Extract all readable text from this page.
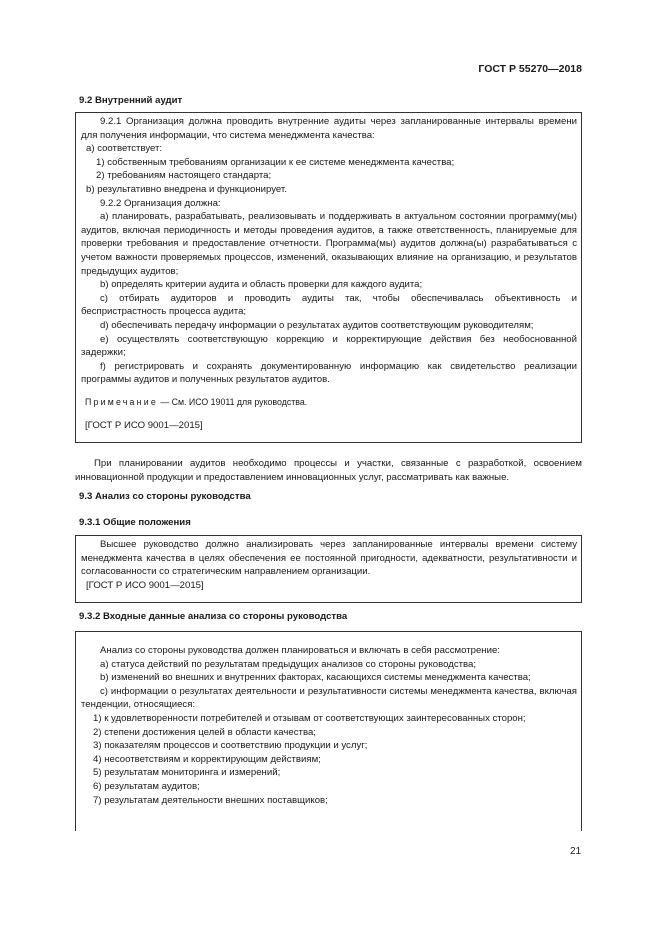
ГОСТ Р 55270—2018
9.2 Внутренний аудит

9.2.1 Организация должна проводить внутренние аудиты через запланированные интервалы времени для получения информации, что система менеджмента качества:

a) соответствует:

1) собственным требованиям организации к ее системе менеджмента качества;

2) требованиям настоящего стандарта;

b) результативно внедрена и функционирует.

9.2.2 Организация должна:

a) планировать, разрабатывать, реализовывать и поддерживать в актуальном состоянии программу(мы) аудитов, включая периодичность и методы проведения аудитов, а также ответственность, планируемые для проверки требования и предоставление отчетности. Программа(мы) аудитов должна(ы) разрабатываться с учетом важности проверяемых процессов, изменений, оказывающих влияние на организацию, и результатов предыдущих аудитов;

b) определять критерии аудита и область проверки для каждого аудита;

c) отбирать аудиторов и проводить аудиты так, чтобы обеспечивалась объективность и беспристрастность процесса аудита;

d) обеспечивать передачу информации о результатах аудитов соответствующим руководителям;

e) осуществлять соответствующую коррекцию и корректирующие действия без необоснованной задержки;

f) регистрировать и сохранять документированную информацию как свидетельство реализации программы аудитов и полученных результатов аудитов.

Примечание — См. ИСО 19011 для руководства.

[ГОСТ Р ИСО 9001—2015]

При планировании аудитов необходимо процессы и участки, связанные с разработкой, освоением инновационной продукции и предоставлением инновационных услуг, рассматривать как важные.

9.3 Анализ со стороны руководства
9.3.1 Общие положения

Высшее руководство должно анализировать через запланированные интервалы времени систему менеджмента качества в целях обеспечения ее постоянной пригодности, адекватности, результативности и согласованности со стратегическим направлением организации.

[ГОСТ Р ИСО 9001—2015]

9.3.2 Входные данные анализа со стороны руководства

Анализ со стороны руководства должен планироваться и включать в себя рассмотрение:

a) статуса действий по результатам предыдущих анализов со стороны руководства;

b) изменений во внешних и внутренних факторах, касающихся системы менеджмента качества;

c) информации о результатах деятельности и результативности системы менеджмента качества, включая тенденции, относящиеся:

1) к удовлетворенности потребителей и отзывам от соответствующих заинтересованных сторон;

2) степени достижения целей в области качества;

3) показателям процессов и соответствию продукции и услуг;

4) несоответствиям и корректирующим действиям;

5) результатам мониторинга и измерений;

6) результатам аудитов;

7) результатам деятельности внешних поставщиков;

21
